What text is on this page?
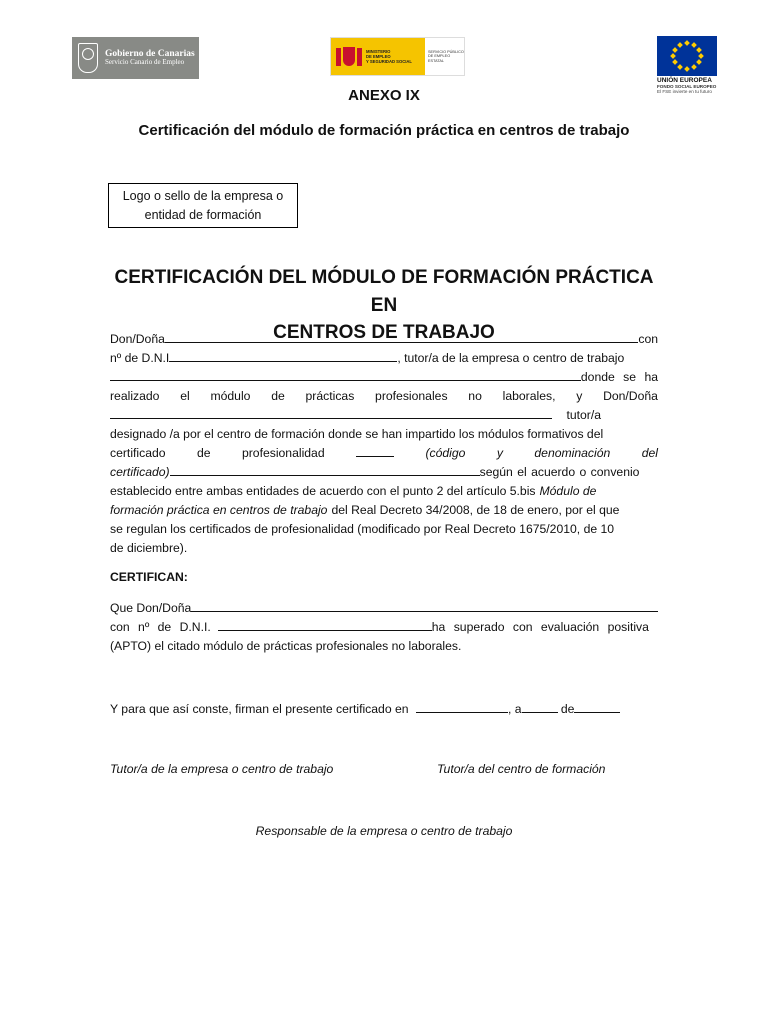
Gobierno de Canarias
Servicio Canario de Empleo
MINISTERIO
DE EMPLEO
Y SEGURIDAD SOCIAL
SERVICIO PÚBLICO
DE EMPLEO ESTATAL
UNIÓN EUROPEA
FONDO SOCIAL EUROPEO
El FSE invierte en tu futuro
ANEXO IX
Certificación del módulo de formación práctica en centros de trabajo
Logo o sello de la empresa o
entidad de formación
CERTIFICACIÓN DEL MÓDULO DE FORMACIÓN PRÁCTICA EN
CENTROS DE TRABAJO
Don/Doña	con
nº de D.N.I	, tutor/a de la empresa o centro de trabajo
donde se ha
realizado el módulo de prácticas profesionales no laborales, y Don/Doña
tutor/a
designado /a por el centro de formación donde se han impartido los módulos formativos del
certificado	de	profesionalidad	(código	y	denominación	del
certificado)	según el acuerdo o convenio
establecido entre ambas entidades de acuerdo con el punto 2 del artículo 5.bis Módulo de
formación práctica en centros de trabajo del Real Decreto 34/2008, de 18 de enero, por el que
se regulan los certificados de profesionalidad (modificado por Real Decreto 1675/2010, de 10
de diciembre).
CERTIFICAN:
Que Don/Doña
con nº de D.N.I.	ha superado con evaluación positiva
(APTO) el citado módulo de prácticas profesionales no laborales.
Y para que así conste, firman el presente certificado en	, a	de
Tutor/a de la empresa o centro de trabajo	Tutor/a del centro de formación
Responsable de la empresa o centro de trabajo
